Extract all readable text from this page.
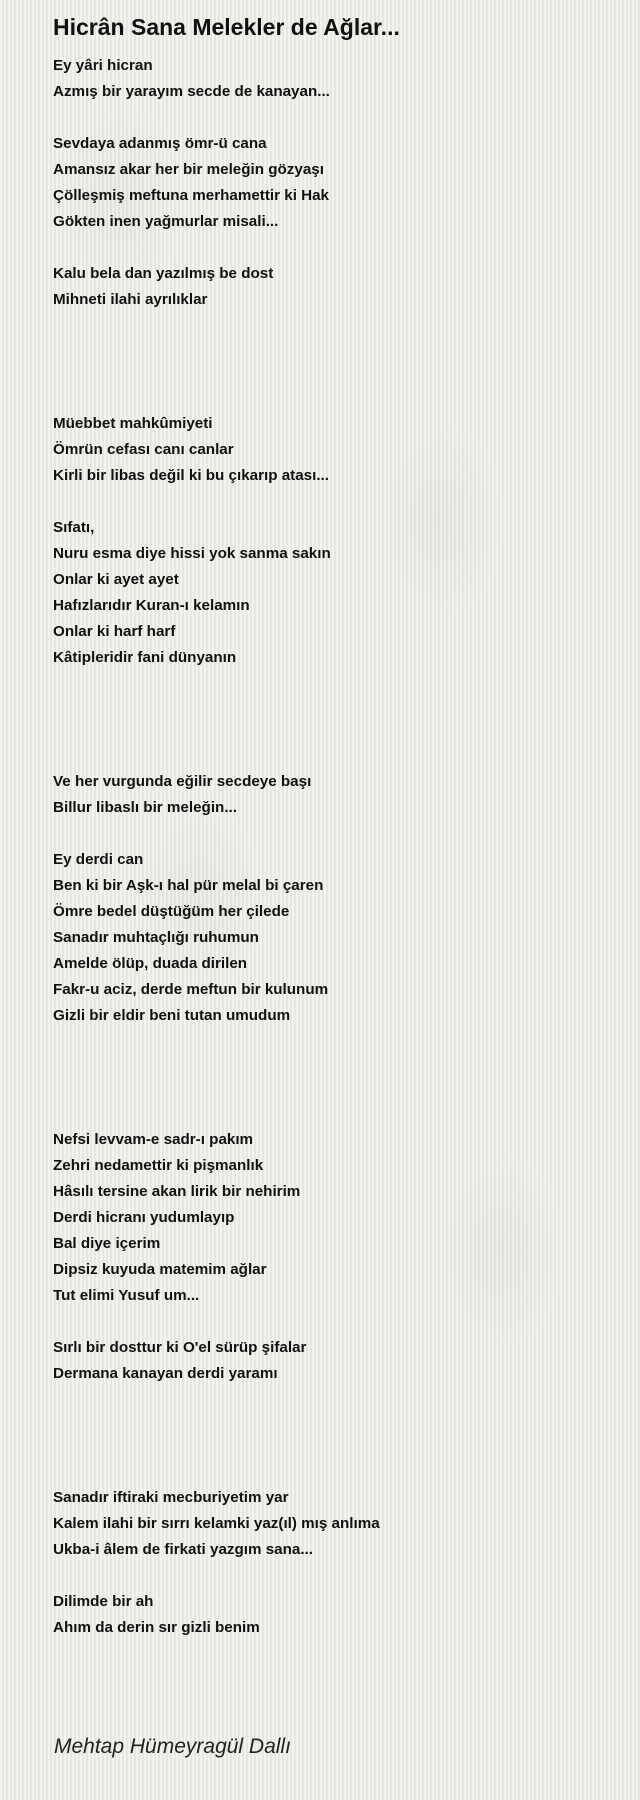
Hicrân Sana Melekler de Ağlar...
Ey yâri hicran
Azmış bir yarayım secde de kanayan...
Sevdaya adanmış ömr-ü cana
Amansız akar her bir meleğin gözyaşı
Çölleşmiş meftuna merhamettir ki Hak
Gökten inen yağmurlar misali...
Kalu bela dan yazılmış be dost
Mihneti ilahi ayrılıklar
Müebbet mahkûmiyeti
Ömrün cefası canı canlar
Kirli bir libas değil ki bu çıkarıp atası...
Sıfatı,
Nuru esma diye hissi yok sanma sakın
Onlar ki ayet ayet
Hafızlarıdır Kuran-ı kelamın
Onlar ki harf harf
Kâtipleridir fani dünyanın
Ve her vurgunda eğilir secdeye başı
Billur libaslı bir meleğin...
Ey derdi can
Ben ki bir Aşk-ı hal pür melal bi çaren
Ömre bedel düştüğüm her çilede
Sanadır muhtaçlığı ruhumun
Amelde ölüp, duada dirilen
Fakr-u aciz, derde meftun bir kulunum
Gizli bir eldir beni tutan umudum
Nefsi levvam-e sadr-ı pakım
Zehri nedamettir ki pişmanlık
Hâsılı tersine akan lirik bir nehirim
Derdi hicranı yudumlayıp
Bal diye içerim
Dipsiz kuyuda matemim ağlar
Tut elimi Yusuf um...
Sırlı bir dosttur ki O'el sürüp şifalar
Dermana kanayan derdi yaramı
Sanadır iftiraki mecburiyetim yar
Kalem ilahi bir sırrı kelamki yaz(ıl) mış anlıma
Ukba-i âlem de firkati yazgım sana...
Dilimde bir ah
Ahım da derin sır gizli benim
Mehtap Hümeyragül Dallı
